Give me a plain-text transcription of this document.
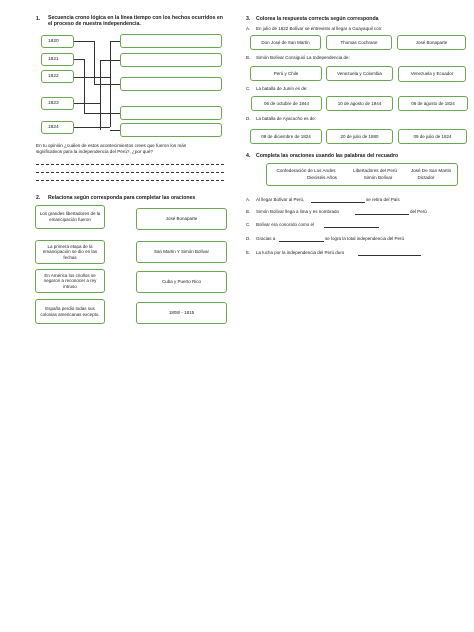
1. Secuencia crono lógica en la línea tiempo con los hechos ocurridos en
el proceso de nuestra independencia.
1820
1821
1822
1823
1824
En tu opinión ¿cuáles de estos acontecimientos crees que fueron los más
significativos para la independencia del Perú?, ¿por qué?
2. Relaciona según corresponda para completar las oraciones
Los grandes libertadores de la emancipación fueron
La primera etapa de la emancipación se dio en las fechas
En América los criollos se negaron a reconocer a rey intruso
España perdió todas sus colonias americanas excepto.
José Bonaparte
San Martin Y Simón Bolívar
Cuba y Puerto Rico
1808/ - 1815
3. Colorea la respuesta correcta según corresponda
A. En julio de 1822 Bolívar se entrevisto al llegar a Guayaquil con:
Don José de San Martin	Thomas Cochrane	José Bonaparte
B. Simón Bolívar Consiguió La Independencia de:
Perú y Chile	Venezuela y Colombia	Venezuela y Ecuador
C. La batalla de Junín es de:
06 de octubre de 1844	10 de agosto de 1944	06 de agosto de 1824
D. La batalla de Ayacucho es de:
09 de diciembre de 1824	20 de julio de 1880	09 de julio de 1824
4. Completa las oraciones usando las palabras del recuadro
Confederación de Los Andes	Libertadores del Perú	José De San Martin
Dieciséis Años	Simón Bolívar	Dictador
A. Al llegar Bolívar al Perú,	se retira del País
B. Simón Bolívar llega a lima y es nombrado	del Perú
C. Bolívar era conocido como el
D. Gracias a	se logra la total independencia del Perú
E. La lucha por la independencia del Perú duro
